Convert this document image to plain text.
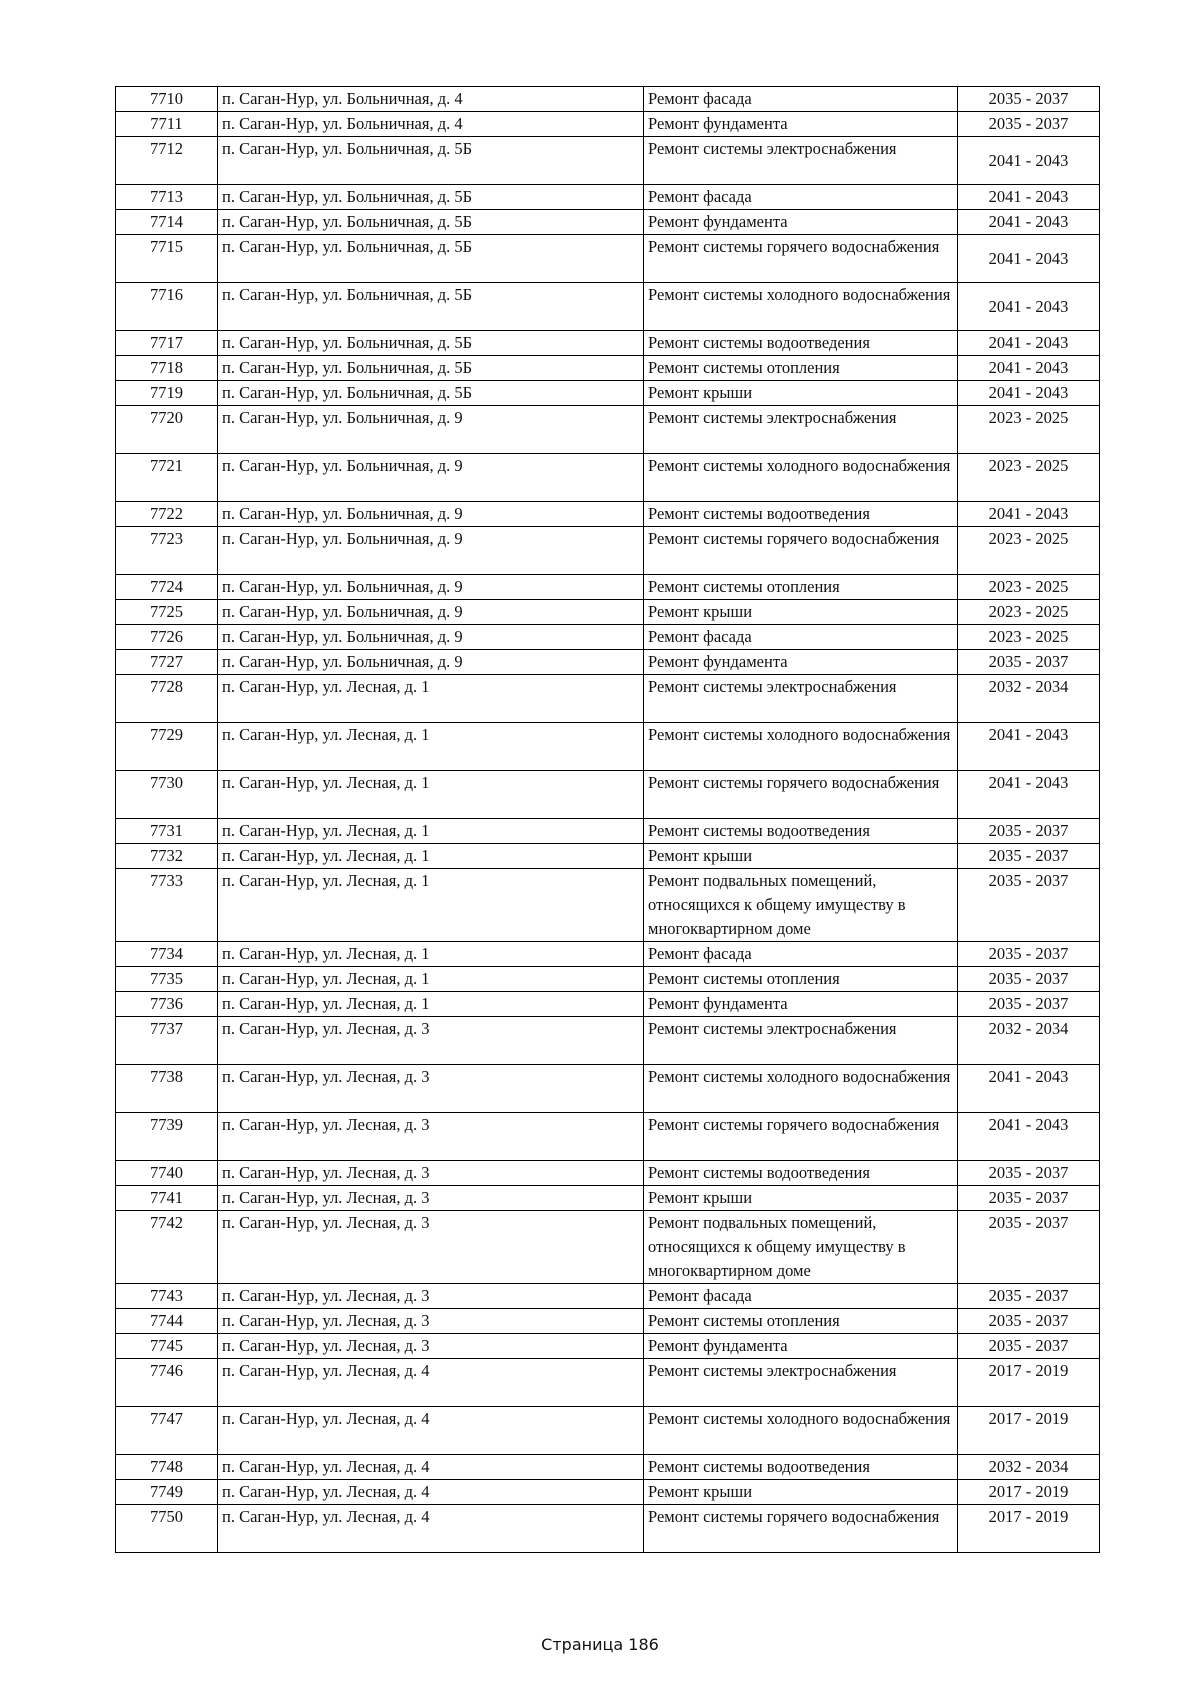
7710	п. Саган-Нур, ул. Больничная, д. 4	Ремонт фасада	2035 - 2037
7711	п. Саган-Нур, ул. Больничная, д. 4	Ремонт фундамента	2035 - 2037
7712	п. Саган-Нур, ул. Больничная, д. 5Б	Ремонт системы электроснабжения	2041 - 2043
7713	п. Саган-Нур, ул. Больничная, д. 5Б	Ремонт фасада	2041 - 2043
7714	п. Саган-Нур, ул. Больничная, д. 5Б	Ремонт фундамента	2041 - 2043
7715	п. Саган-Нур, ул. Больничная, д. 5Б	Ремонт системы горячего водоснабжения	2041 - 2043
7716	п. Саган-Нур, ул. Больничная, д. 5Б	Ремонт системы холодного водоснабжения	2041 - 2043
7717	п. Саган-Нур, ул. Больничная, д. 5Б	Ремонт системы водоотведения	2041 - 2043
7718	п. Саган-Нур, ул. Больничная, д. 5Б	Ремонт системы отопления	2041 - 2043
7719	п. Саган-Нур, ул. Больничная, д. 5Б	Ремонт крыши	2041 - 2043
7720	п. Саган-Нур, ул. Больничная, д. 9	Ремонт системы электроснабжения	2023 - 2025
7721	п. Саган-Нур, ул. Больничная, д. 9	Ремонт системы холодного водоснабжения	2023 - 2025
7722	п. Саган-Нур, ул. Больничная, д. 9	Ремонт системы водоотведения	2041 - 2043
7723	п. Саган-Нур, ул. Больничная, д. 9	Ремонт системы горячего водоснабжения	2023 - 2025
7724	п. Саган-Нур, ул. Больничная, д. 9	Ремонт системы отопления	2023 - 2025
7725	п. Саган-Нур, ул. Больничная, д. 9	Ремонт крыши	2023 - 2025
7726	п. Саган-Нур, ул. Больничная, д. 9	Ремонт фасада	2023 - 2025
7727	п. Саган-Нур, ул. Больничная, д. 9	Ремонт фундамента	2035 - 2037
7728	п. Саган-Нур, ул. Лесная, д. 1	Ремонт системы электроснабжения	2032 - 2034
7729	п. Саган-Нур, ул. Лесная, д. 1	Ремонт системы холодного водоснабжения	2041 - 2043
7730	п. Саган-Нур, ул. Лесная, д. 1	Ремонт системы горячего водоснабжения	2041 - 2043
7731	п. Саган-Нур, ул. Лесная, д. 1	Ремонт системы водоотведения	2035 - 2037
7732	п. Саган-Нур, ул. Лесная, д. 1	Ремонт крыши	2035 - 2037
7733	п. Саган-Нур, ул. Лесная, д. 1	Ремонт подвальных помещений, относящихся к общему имуществу в многоквартирном доме	2035 - 2037
7734	п. Саган-Нур, ул. Лесная, д. 1	Ремонт фасада	2035 - 2037
7735	п. Саган-Нур, ул. Лесная, д. 1	Ремонт системы отопления	2035 - 2037
7736	п. Саган-Нур, ул. Лесная, д. 1	Ремонт фундамента	2035 - 2037
7737	п. Саган-Нур, ул. Лесная, д. 3	Ремонт системы электроснабжения	2032 - 2034
7738	п. Саган-Нур, ул. Лесная, д. 3	Ремонт системы холодного водоснабжения	2041 - 2043
7739	п. Саган-Нур, ул. Лесная, д. 3	Ремонт системы горячего водоснабжения	2041 - 2043
7740	п. Саган-Нур, ул. Лесная, д. 3	Ремонт системы водоотведения	2035 - 2037
7741	п. Саган-Нур, ул. Лесная, д. 3	Ремонт крыши	2035 - 2037
7742	п. Саган-Нур, ул. Лесная, д. 3	Ремонт подвальных помещений, относящихся к общему имуществу в многоквартирном доме	2035 - 2037
7743	п. Саган-Нур, ул. Лесная, д. 3	Ремонт фасада	2035 - 2037
7744	п. Саган-Нур, ул. Лесная, д. 3	Ремонт системы отопления	2035 - 2037
7745	п. Саган-Нур, ул. Лесная, д. 3	Ремонт фундамента	2035 - 2037
7746	п. Саган-Нур, ул. Лесная, д. 4	Ремонт системы электроснабжения	2017 - 2019
7747	п. Саган-Нур, ул. Лесная, д. 4	Ремонт системы холодного водоснабжения	2017 - 2019
7748	п. Саган-Нур, ул. Лесная, д. 4	Ремонт системы водоотведения	2032 - 2034
7749	п. Саган-Нур, ул. Лесная, д. 4	Ремонт крыши	2017 - 2019
7750	п. Саган-Нур, ул. Лесная, д. 4	Ремонт системы горячего водоснабжения	2017 - 2019
Страница 186
